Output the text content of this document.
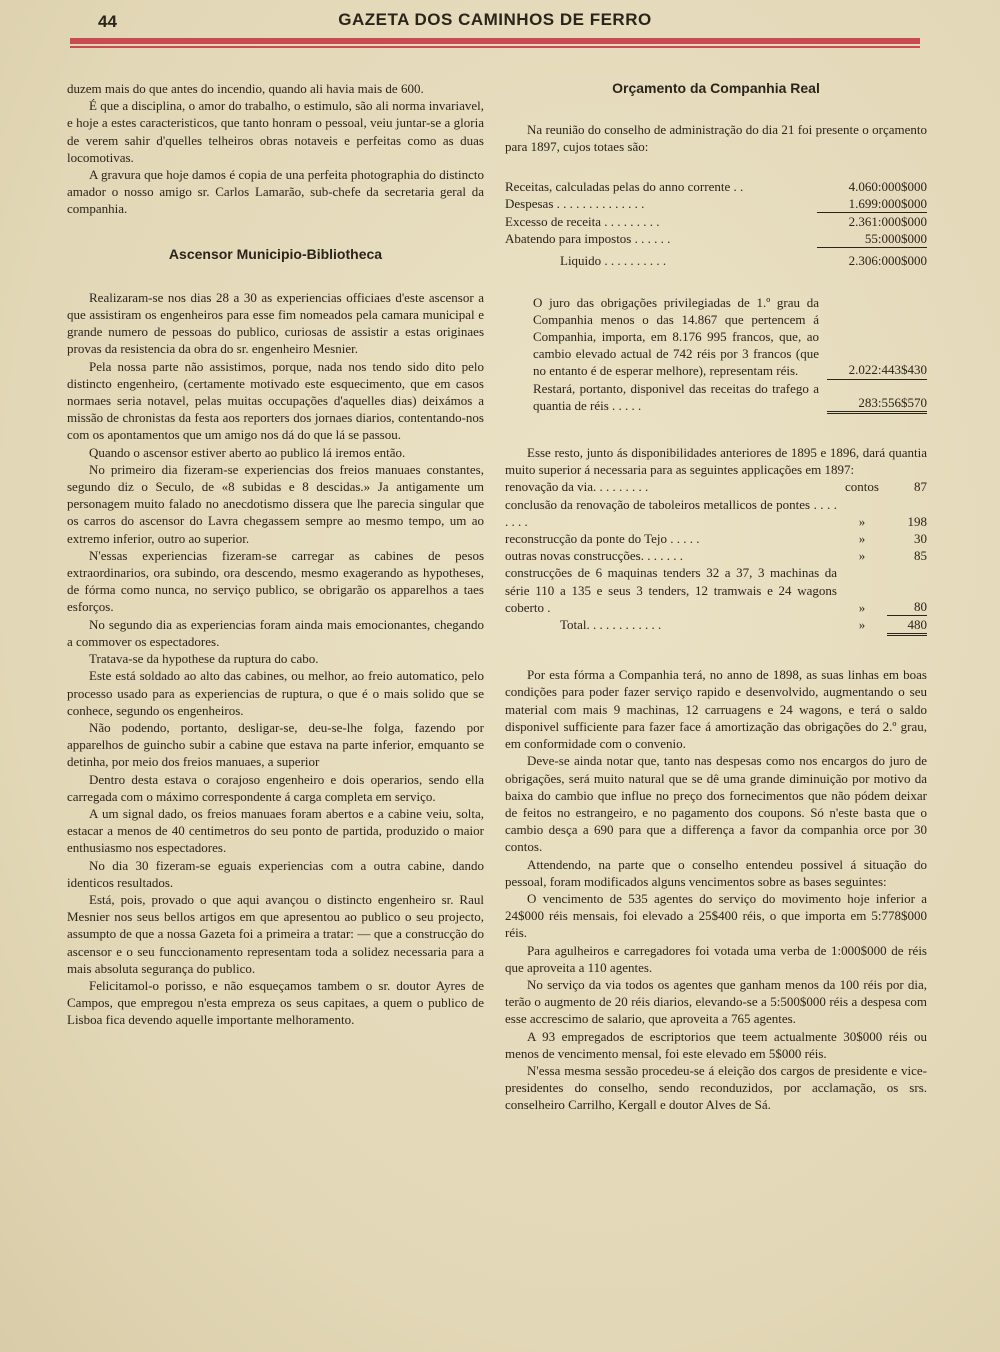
44	GAZETA DOS CAMINHOS DE FERRO

duzem mais do que antes do incendio, quando ali havia mais de 600.

É que a disciplina, o amor do trabalho, o estimulo, são ali norma invariavel, e hoje a estes caracteristicos, que tanto honram o pessoal, veiu juntar-se a gloria de verem sahir d'quelles telheiros obras notaveis e perfeitas como as duas locomotivas.

A gravura que hoje damos é copia de una perfeita photographia do distincto amador o nosso amigo sr. Carlos Lamarão, sub-chefe da secretaria geral da companhia.

Ascensor Municipio-Bibliotheca

Realizaram-se nos dias 28 a 30 as experiencias officiaes d'este ascensor a que assistiram os engenheiros para esse fim nomeados pela camara municipal e grande numero de pessoas do publico, curiosas de assistir a estas originaes provas da resistencia da obra do sr. engenheiro Mesnier.

Pela nossa parte não assistimos, porque, nada nos tendo sido dito pelo distincto engenheiro, (certamente motivado este esquecimento, que em casos normaes seria notavel, pelas muitas occupações d'aquelles dias) deixámos a missão de chronistas da festa aos reporters dos jornaes diarios, contentando-nos com os apontamentos que um amigo nos dá do que lá se passou.

Quando o ascensor estiver aberto ao publico lá iremos então.

No primeiro dia fizeram-se experiencias dos freios manuaes constantes, segundo diz o Seculo, de «8 subidas e 8 descidas.» Ja antigamente um personagem muito falado no anecdotismo dissera que lhe parecia singular que os carros do ascensor do Lavra chegassem sempre ao mesmo tempo, um ao extremo inferior, outro ao superior.

N'essas experiencias fizeram-se carregar as cabines de pesos extraordinarios, ora subindo, ora descendo, mesmo exagerando as hypotheses, de fórma como nunca, no serviço publico, se obrigarão os apparelhos a taes esforços.

No segundo dia as experiencias foram ainda mais emocionantes, chegando a commover os espectadores.

Tratava-se da hypothese da ruptura do cabo.

Este está soldado ao alto das cabines, ou melhor, ao freio automatico, pelo processo usado para as experiencias de ruptura, o que é o mais solido que se conhece, segundo os engenheiros.

Não podendo, portanto, desligar-se, deu-se-lhe folga, fazendo por apparelhos de guincho subir a cabine que estava na parte inferior, emquanto se detinha, por meio dos freios manuaes, a superior

Dentro desta estava o corajoso engenheiro e dois operarios, sendo ella carregada com o máximo correspondente á carga completa em serviço.

A um signal dado, os freios manuaes foram abertos e a cabine veiu, solta, estacar a menos de 40 centimetros do seu ponto de partida, produzido o maior enthusiasmo nos espectadores.

No dia 30 fizeram-se eguais experiencias com a outra cabine, dando identicos resultados.

Está, pois, provado o que aqui avançou o distincto engenheiro sr. Raul Mesnier nos seus bellos artigos em que apresentou ao publico o seu projecto, assumpto de que a nossa Gazeta foi a primeira a tratar: — que a construcção do ascensor e o seu funccionamento representam toda a solidez necessaria para a mais absoluta segurança do publico.

Felicitamol-o porisso, e não esqueçamos tambem o sr. doutor Ayres de Campos, que empregou n'esta empreza os seus capitaes, a quem o publico de Lisboa fica devendo aquelle importante melhoramento.

Orçamento da Companhia Real

Na reunião do conselho de administração do dia 21 foi presente o orçamento para 1897, cujos totaes são:

Receitas, calculadas pelas do anno corrente . .	4.060:000$000
Despesas . . . . . . . . . . . . . .	1.699:000$000
Excesso de receita . . . . . . . . .	2.361:000$000
Abatendo para impostos . . . . . .	55:000$000
Liquido . . . . . . . . . .	2.306:000$000

O juro das obrigações privilegiadas de 1.º grau da Companhia menos o das 14.867 que pertencem á Companhia, importa, em 8.176 995 francos, que, ao cambio elevado actual de 742 réis por 3 francos (que no entanto é de esperar melhore), representam réis.	2.022:443$430

Restará, portanto, disponivel das receitas do trafego a quantia de réis . . . . .	283:556$570

Esse resto, junto ás disponibilidades anteriores de 1895 e 1896, dará quantia muito superior á necessaria para as seguintes applicações em 1897:

renovação da via. . . . . . . . .	contos	87
conclusão da renovação de taboleiros metallicos de pontes . . . . . . . .	»	198
reconstrucção da ponte do Tejo . . . . .	»	30
outras novas construcções. . . . . . .	»	85
construcções de 6 maquinas tenders 32 a 37, 3 machinas da série 110 a 135 e seus 3 tenders, 12 tramwais e 24 wagons coberto .	»	80
Total. . . . . . . . . . . .	»	480

Por esta fórma a Companhia terá, no anno de 1898, as suas linhas em boas condições para poder fazer serviço rapido e desenvolvido, augmentando o seu material com mais 9 machinas, 12 carruagens e 24 wagons, e terá o saldo disponivel sufficiente para fazer face á amortização das obrigações do 2.º grau, em conformidade com o convenio.

Deve-se ainda notar que, tanto nas despesas como nos encargos do juro de obrigações, será muito natural que se dê uma grande diminuição por motivo da baixa do cambio que influe no preço dos fornecimentos que não pódem deixar de feitos no estrangeiro, e no pagamento dos coupons. Só n'este basta que o cambio desça a 690 para que a differença a favor da companhia orce por 30 contos.

Attendendo, na parte que o conselho entendeu possivel á situação do pessoal, foram modificados alguns vencimentos sobre as bases seguintes:

O vencimento de 535 agentes do serviço do movimento hoje inferior a 24$000 réis mensais, foi elevado a 25$400 réis, o que importa em 5:778$000 réis.

Para agulheiros e carregadores foi votada uma verba de 1:000$000 de réis que aproveita a 110 agentes.

No serviço da via todos os agentes que ganham menos da 100 réis por dia, terão o augmento de 20 réis diarios, elevando-se a 5:500$000 réis a despesa com esse accrescimo de salario, que aproveita a 765 agentes.

A 93 empregados de escriptorios que teem actualmente 30$000 réis ou menos de vencimento mensal, foi este elevado em 5$000 réis.

N'essa mesma sessão procedeu-se á eleição dos cargos de presidente e vice-presidentes do conselho, sendo reconduzidos, por acclamação, os srs. conselheiro Carrilho, Kergall e doutor Alves de Sá.
